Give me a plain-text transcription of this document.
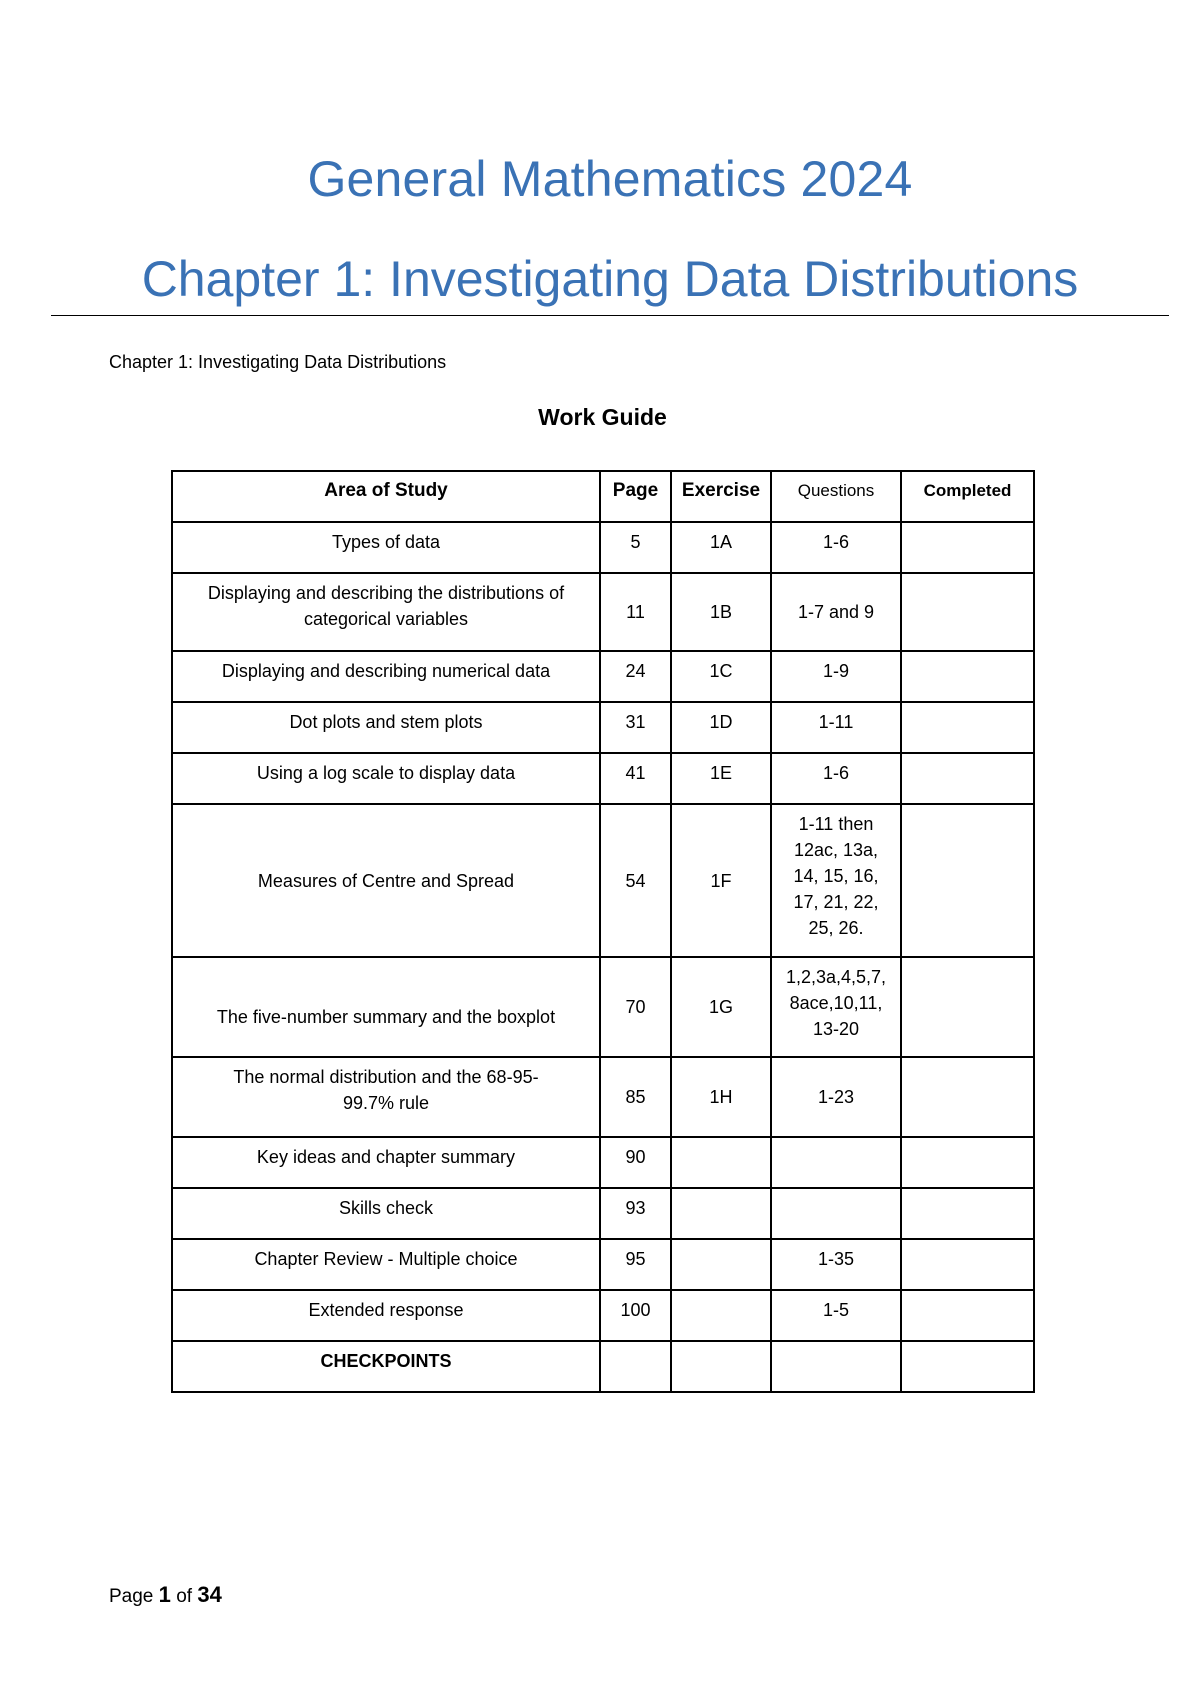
General Mathematics 2024
Chapter 1: Investigating Data Distributions
Chapter 1: Investigating Data Distributions
Work Guide
Area of Study	Page	Exercise	Questions	Completed
Types of data	5	1A	1-6	
Displaying and describing the distributions of categorical variables	11	1B	1-7 and 9	
Displaying and describing numerical data	24	1C	1-9	
Dot plots and stem plots	31	1D	1-11	
Using a log scale to display data	41	1E	1-6	
Measures of Centre and Spread	54	1F	1-11 then 12ac, 13a, 14, 15, 16, 17, 21, 22, 25, 26.	

The five-number summary and the boxplot	70	1G	1,2,3a,4,5,7, 8ace,10,11, 13-20	
The normal distribution and the 68-95-99.7% rule	85	1H	1-23	
Key ideas and chapter summary	90			
Skills check	93			
Chapter Review - Multiple choice	95		1-35	
Extended response	100		1-5	
CHECKPOINTS				
Page 1 of 34
